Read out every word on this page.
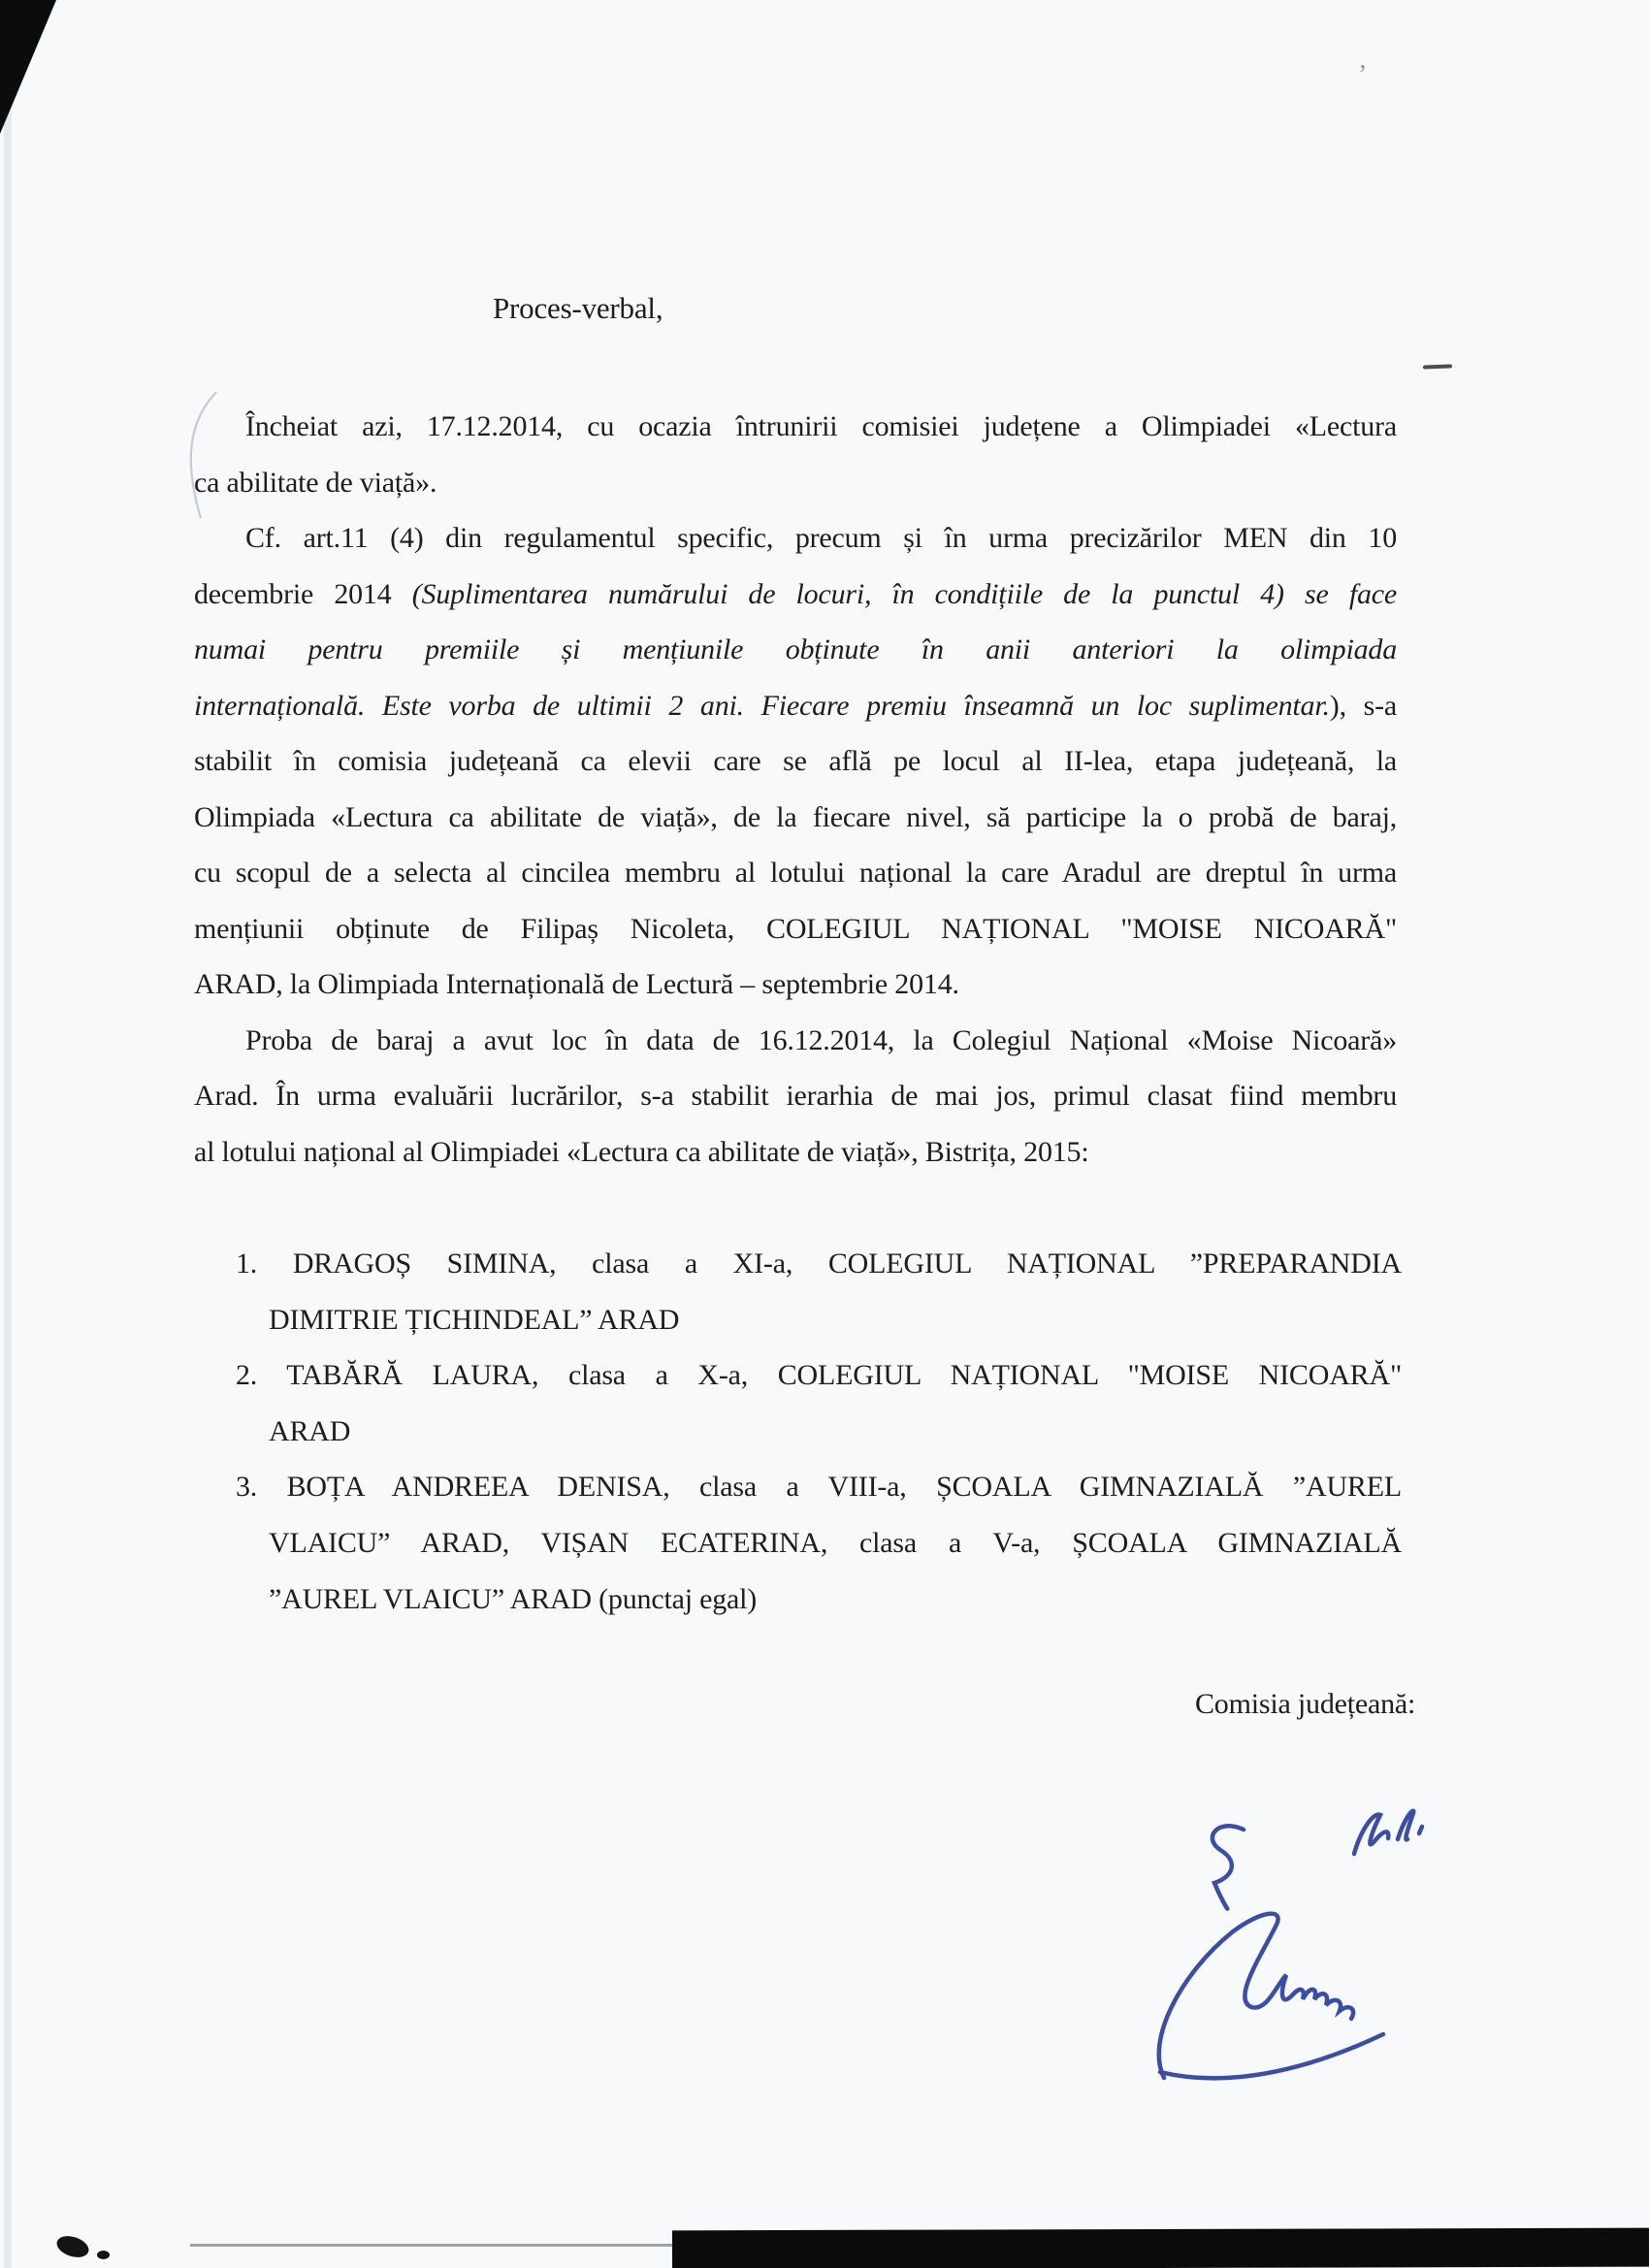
’
Proces-verbal,
Încheiat azi, 17.12.2014, cu ocazia întrunirii comisiei județene a Olimpiadei «Lectura
ca abilitate de viață».
Cf. art.11 (4) din regulamentul specific, precum și în urma precizărilor MEN din 10
decembrie 2014 (Suplimentarea numărului de locuri, în condițiile de la punctul 4) se face
numai pentru premiile și mențiunile obținute în anii anteriori la olimpiada
internațională. Este vorba de ultimii 2 ani. Fiecare premiu înseamnă un loc suplimentar.), s-a
stabilit în comisia județeană ca elevii care se află pe locul al II-lea, etapa județeană, la
Olimpiada «Lectura ca abilitate de viață», de la fiecare nivel, să participe la o probă de baraj,
cu scopul de a selecta al cincilea membru al lotului național la care Aradul are dreptul în urma
mențiunii obținute de Filipaș Nicoleta, COLEGIUL NAȚIONAL "MOISE NICOARĂ"
ARAD, la Olimpiada Internațională de Lectură – septembrie 2014.
Proba de baraj a avut loc în data de 16.12.2014, la Colegiul Național «Moise Nicoară»
Arad. În urma evaluării lucrărilor, s-a stabilit ierarhia de mai jos, primul clasat fiind membru
al lotului național al Olimpiadei «Lectura ca abilitate de viață», Bistrița, 2015:
1. DRAGOȘ SIMINA, clasa a XI-a, COLEGIUL NAȚIONAL ”PREPARANDIA
DIMITRIE ȚICHINDEAL” ARAD
2. TABĂRĂ LAURA, clasa a X-a, COLEGIUL NAȚIONAL "MOISE NICOARĂ"
ARAD
3. BOȚA ANDREEA DENISA, clasa a VIII-a, ȘCOALA GIMNAZIALĂ ”AUREL
VLAICU” ARAD, VIȘAN ECATERINA, clasa a V-a, ȘCOALA GIMNAZIALĂ
”AUREL VLAICU” ARAD (punctaj egal)
Comisia județeană:
